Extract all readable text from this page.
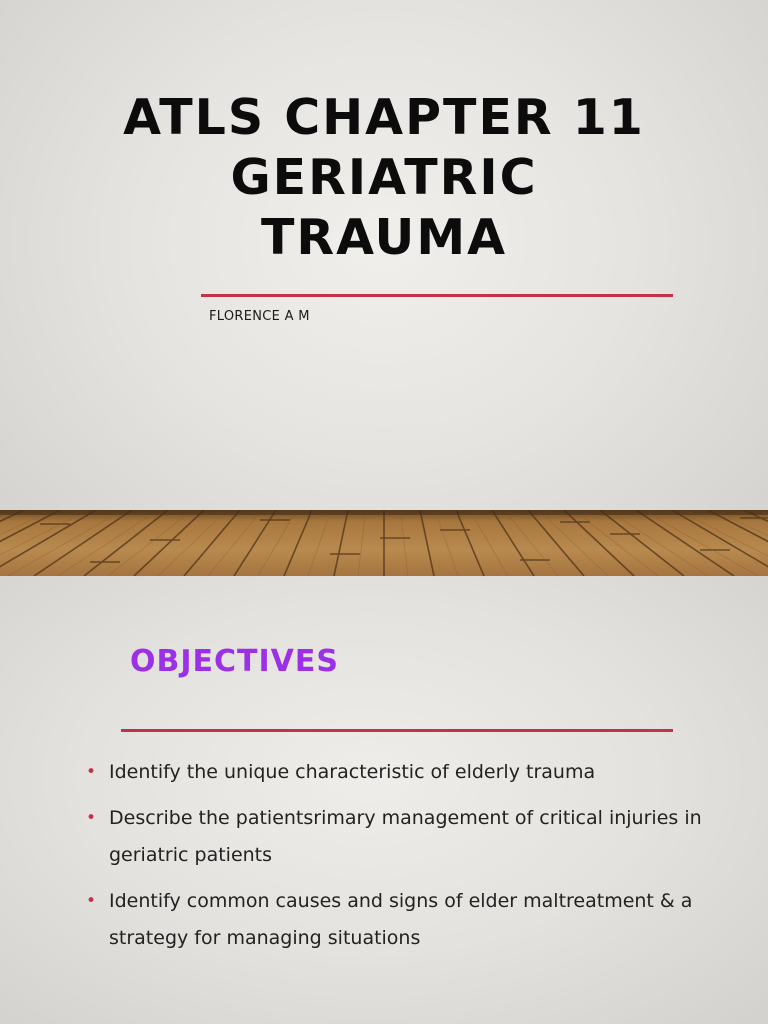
ATLS CHAPTER 11
GERIATRIC
TRAUMA
FLORENCE A M
OBJECTIVES
• Identify the unique characteristic of elderly trauma
• Describe the patientsrimary management of critical injuries in geriatric patients
• Identify common causes and signs of elder maltreatment & a strategy for managing situations
